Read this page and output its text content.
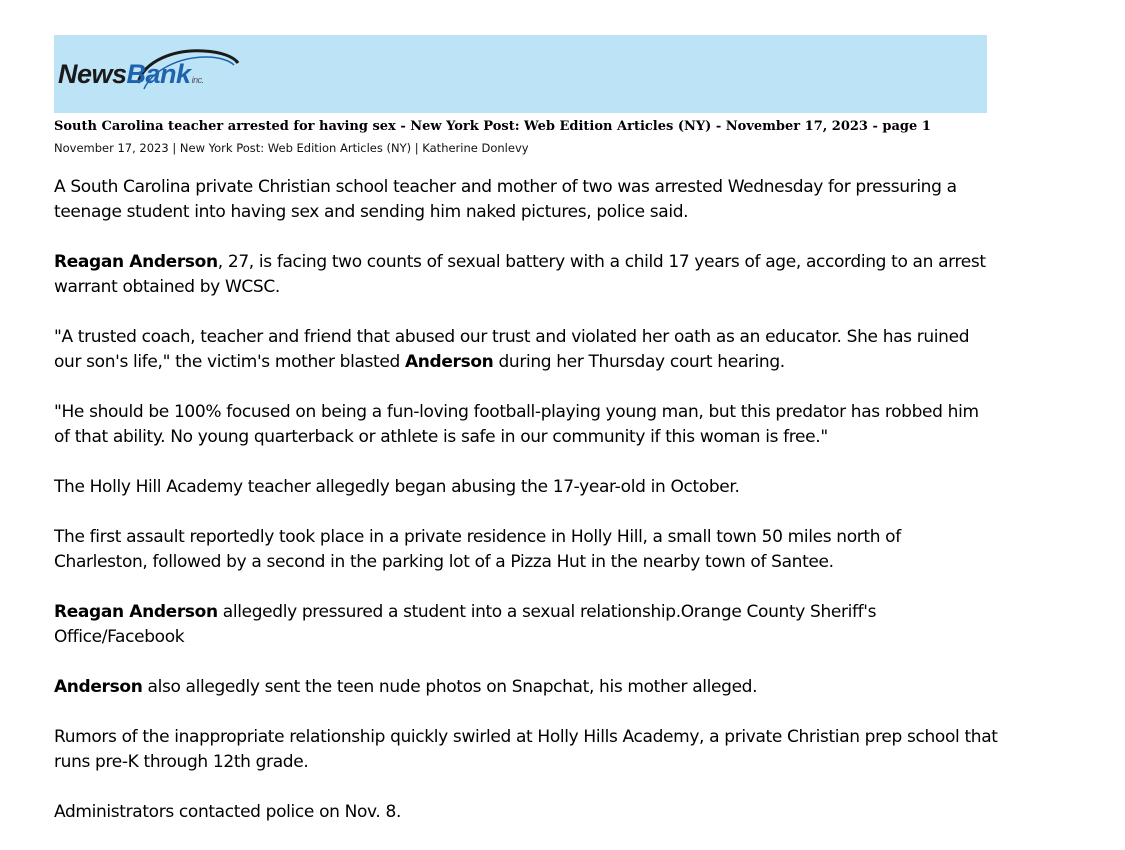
NewsBankinc.
South Carolina teacher arrested for having sex - New York Post: Web Edition Articles (NY) - November 17, 2023 - page 1
November 17, 2023 | New York Post: Web Edition Articles (NY) | Katherine Donlevy

A South Carolina private Christian school teacher and mother of two was arrested Wednesday for pressuring a teenage student into having sex and sending him naked pictures, police said.

Reagan Anderson, 27, is facing two counts of sexual battery with a child 17 years of age, according to an arrest warrant obtained by WCSC.

"A trusted coach, teacher and friend that abused our trust and violated her oath as an educator. She has ruined our son's life," the victim's mother blasted Anderson during her Thursday court hearing.

"He should be 100% focused on being a fun-loving football-playing young man, but this predator has robbed him of that ability. No young quarterback or athlete is safe in our community if this woman is free."

The Holly Hill Academy teacher allegedly began abusing the 17-year-old in October.

The first assault reportedly took place in a private residence in Holly Hill, a small town 50 miles north of Charleston, followed by a second in the parking lot of a Pizza Hut in the nearby town of Santee.

Reagan Anderson allegedly pressured a student into a sexual relationship.Orange County Sheriff's Office/Facebook

Anderson also allegedly sent the teen nude photos on Snapchat, his mother alleged.

Rumors of the inappropriate relationship quickly swirled at Holly Hills Academy, a private Christian prep school that runs pre-K through 12th grade.

Administrators contacted police on Nov. 8.
